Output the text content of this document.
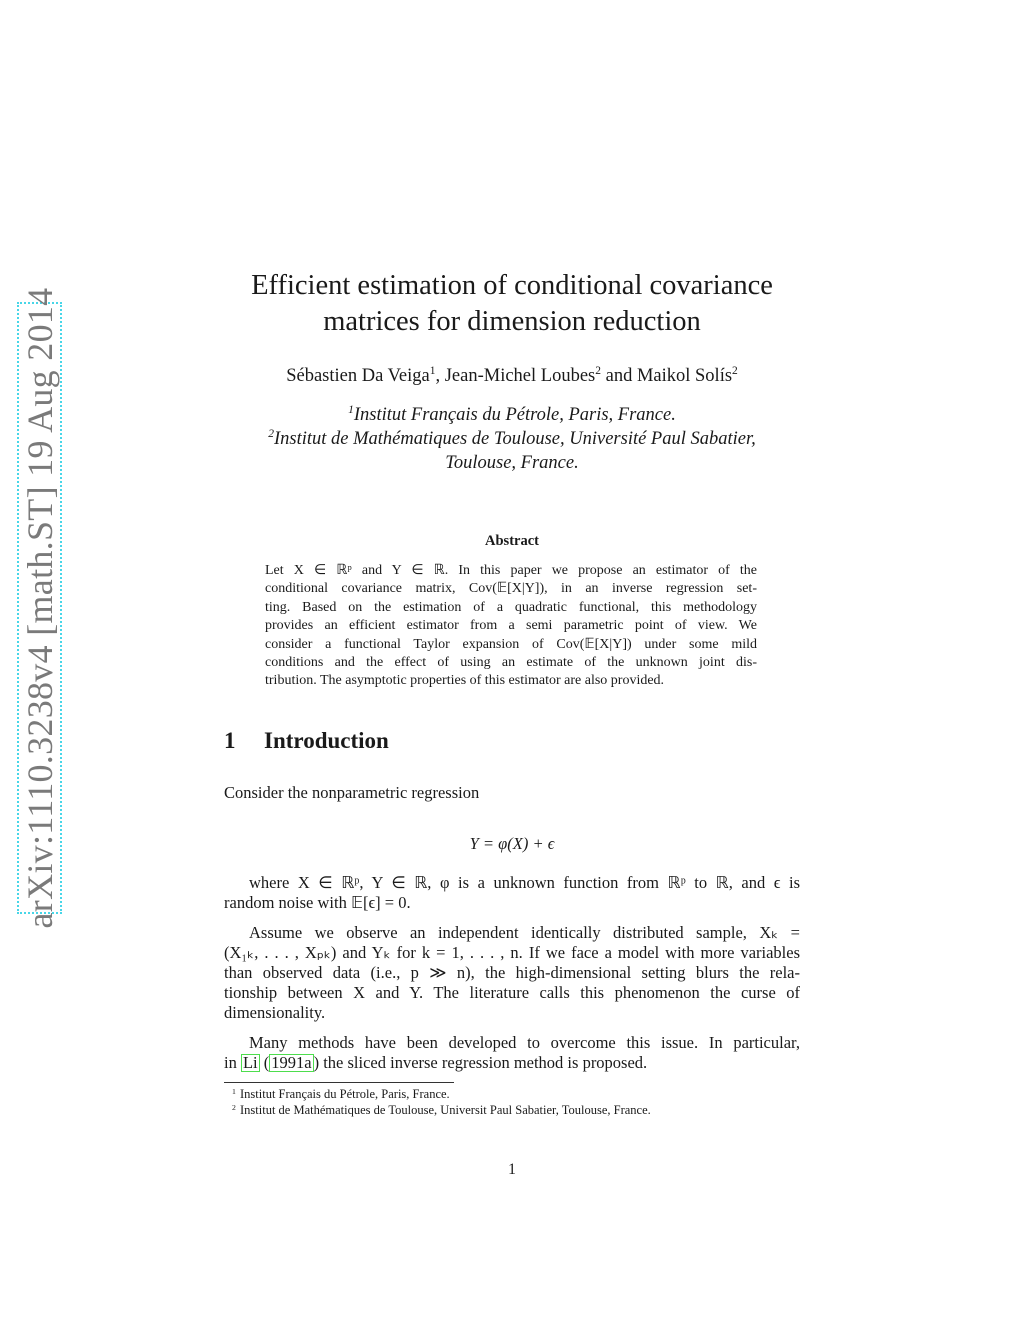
arXiv:1110.3238v4 [math.ST] 19 Aug 2014
Efficient estimation of conditional covariance
matrices for dimension reduction
Sébastien Da Veiga$^1$, Jean-Michel Loubes$^2$ and Maikol Solís$^2$
$^1$Institut Français du Pétrole, Paris, France.
$^2$Institut de Mathématiques de Toulouse, Université Paul Sabatier,
Toulouse, France.
Abstract
Let X ∈ ℝᵖ and Y ∈ ℝ. In this paper we propose an estimator of the
conditional covariance matrix, Cov(𝔼[X|Y]), in an inverse regression set-
ting. Based on the estimation of a quadratic functional, this methodology
provides an efficient estimator from a semi parametric point of view. We
consider a functional Taylor expansion of Cov(𝔼[X|Y]) under some mild
conditions and the effect of using an estimate of the unknown joint dis-
tribution. The asymptotic properties of this estimator are also provided.
1 Introduction
Consider the nonparametric regression
Y = φ(X) + ϵ
where X ∈ ℝᵖ, Y ∈ ℝ, φ is a unknown function from ℝᵖ to ℝ, and ϵ is
random noise with 𝔼[ϵ] = 0.
Assume we observe an independent identically distributed sample, Xₖ =
(X₁ₖ, . . . , Xₚₖ) and Yₖ for k = 1, . . . , n. If we face a model with more variables
than observed data (i.e., p ≫ n), the high-dimensional setting blurs the rela-
tionship between X and Y. The literature calls this phenomenon the curse of
dimensionality.
Many methods have been developed to overcome this issue. In particular,
in Li ( 1991a ) the sliced inverse regression method is proposed.
1 Institut Français du Pétrole, Paris, France.
2 Institut de Mathématiques de Toulouse, Universit Paul Sabatier, Toulouse, France.
1
